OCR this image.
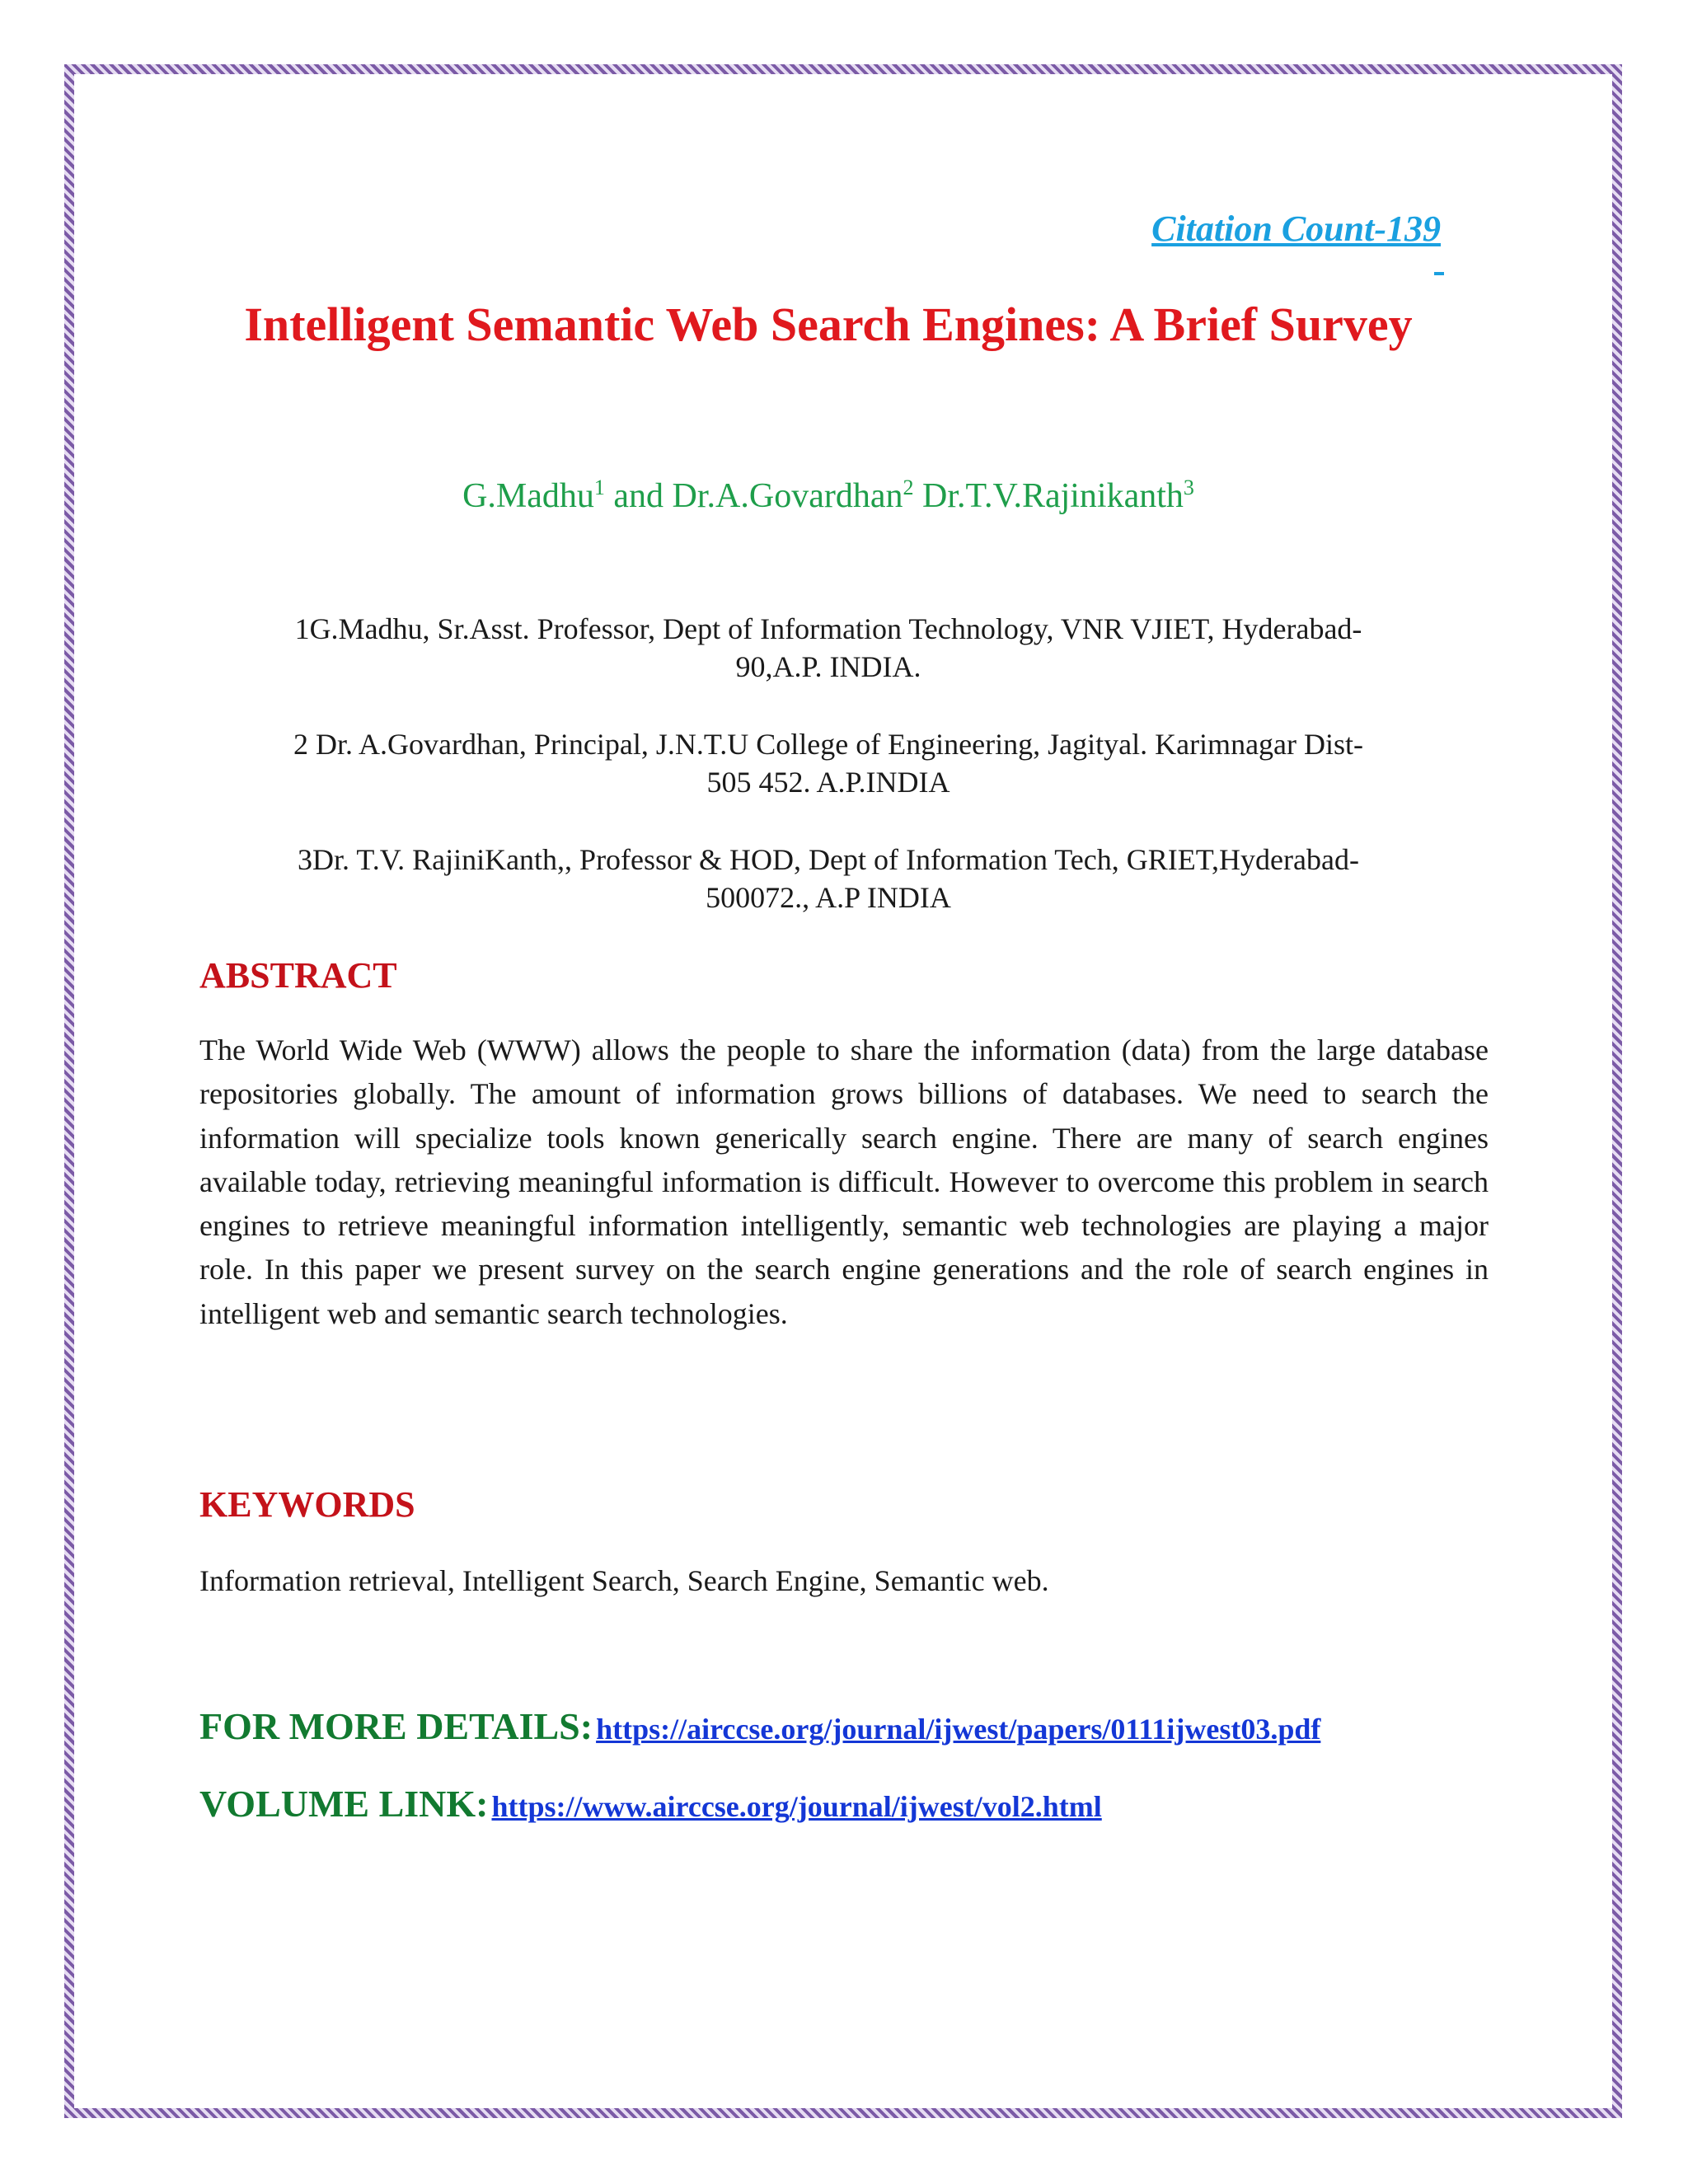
Citation Count-139
Intelligent Semantic Web Search Engines: A Brief Survey
G.Madhu$^1$ and Dr.A.Govardhan$^2$ Dr.T.V.Rajinikanth$^3$
1G.Madhu, Sr.Asst. Professor, Dept of Information Technology, VNR VJIET, Hyderabad-
90,A.P. INDIA.
2 Dr. A.Govardhan, Principal, J.N.T.U College of Engineering, Jagityal. Karimnagar Dist-
505 452. A.P.INDIA
3Dr. T.V. RajiniKanth,, Professor & HOD, Dept of Information Tech, GRIET,Hyderabad-
500072., A.P INDIA
ABSTRACT

The World Wide Web (WWW) allows the people to share the information (data) from the large database repositories globally. The amount of information grows billions of databases. We need to search the information will specialize tools known generically search engine. There are many of search engines available today, retrieving meaningful information is difficult. However to overcome this problem in search engines to retrieve meaningful information intelligently, semantic web technologies are playing a major role. In this paper we present survey on the search engine generations and the role of search engines in intelligent web and semantic search technologies.

KEYWORDS

Information retrieval, Intelligent Search, Search Engine, Semantic web.

FOR MORE DETAILS: https://airccse.org/journal/ijwest/papers/0111ijwest03.pdf
VOLUME LINK: https://www.airccse.org/journal/ijwest/vol2.html
